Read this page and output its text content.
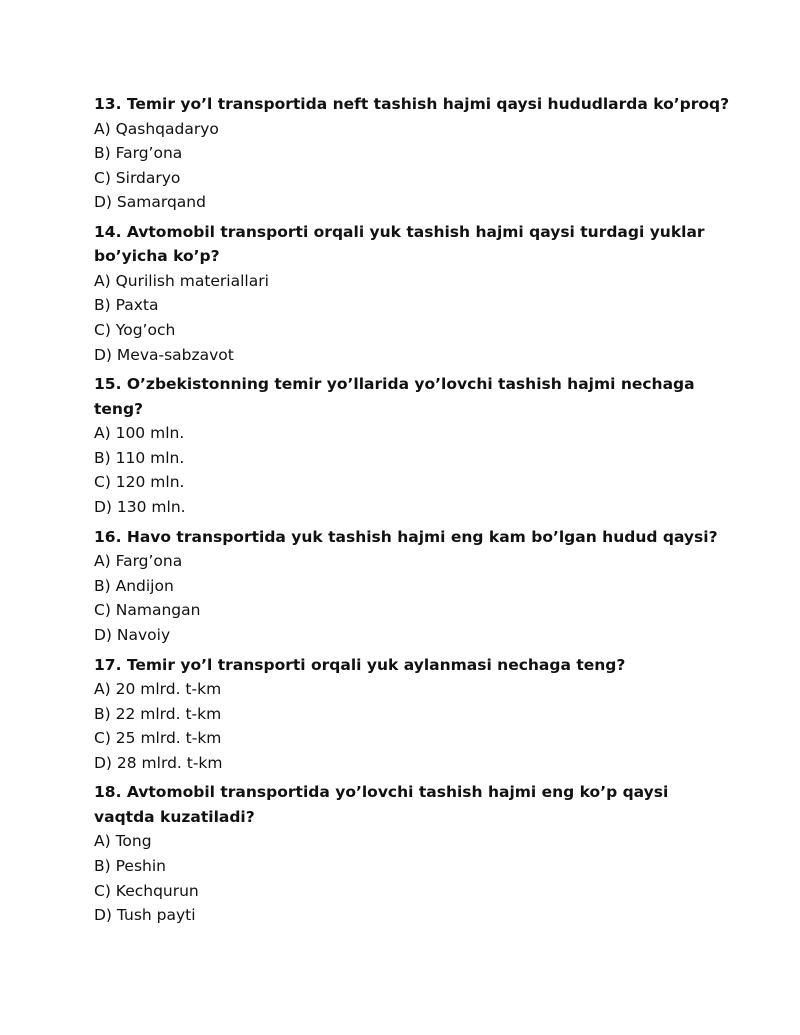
13. Temir yo’l transportida neft tashish hajmi qaysi hududlarda ko’proq?

A) Qashqadaryo
B) Farg’ona
C) Sirdaryo
D) Samarqand

14. Avtomobil transporti orqali yuk tashish hajmi qaysi turdagi yuklar bo’yicha ko’p?

A) Qurilish materiallari
B) Paxta
C) Yog’och
D) Meva-sabzavot

15. O’zbekistonning temir yo’llarida yo’lovchi tashish hajmi nechaga teng?

A) 100 mln.
B) 110 mln.
C) 120 mln.
D) 130 mln.

16. Havo transportida yuk tashish hajmi eng kam bo’lgan hudud qaysi?

A) Farg’ona
B) Andijon
C) Namangan
D) Navoiy

17. Temir yo’l transporti orqali yuk aylanmasi nechaga teng?

A) 20 mlrd. t-km
B) 22 mlrd. t-km
C) 25 mlrd. t-km
D) 28 mlrd. t-km

18. Avtomobil transportida yo’lovchi tashish hajmi eng ko’p qaysi vaqtda kuzatiladi?

A) Tong
B) Peshin
C) Kechqurun
D) Tush payti
